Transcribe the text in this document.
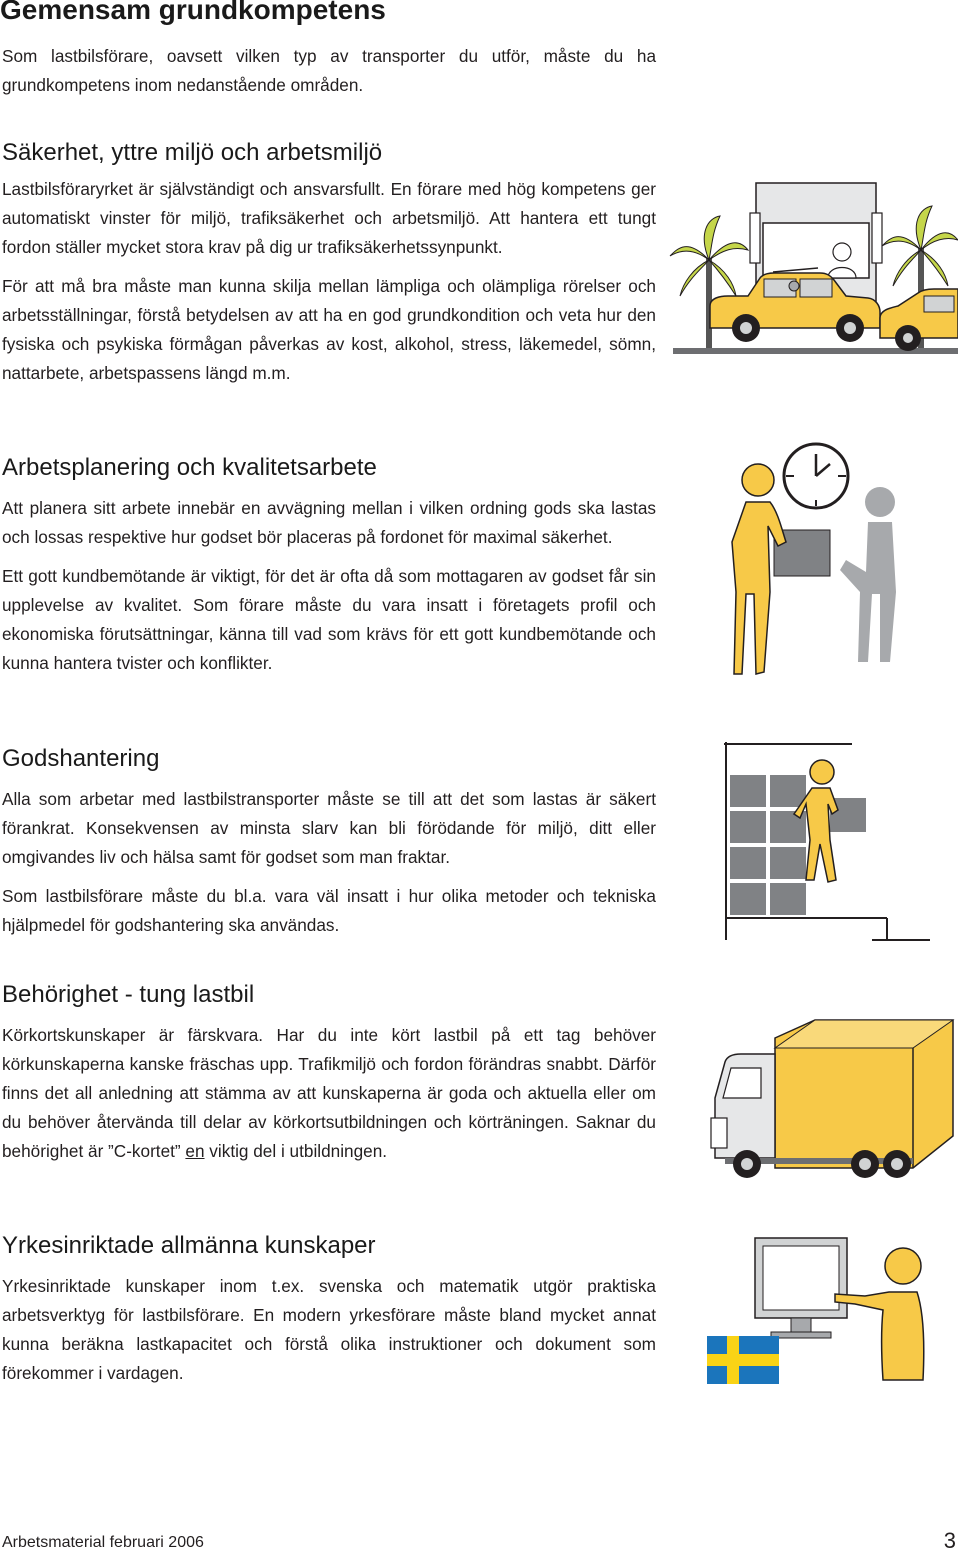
Gemensam grundkompetens

Som lastbilsförare, oavsett vilken typ av transporter du utför, måste du ha grundkompetens inom nedanstående områden.

Säkerhet, yttre miljö och arbetsmiljö

Lastbilsföraryrket är självständigt och ansvarsfullt. En förare med hög kompetens ger automatiskt vinster för miljö, trafiksäkerhet och arbetsmiljö. Att hantera ett tungt fordon ställer mycket stora krav på dig ur trafiksäkerhetssynpunkt.

För att må bra måste man kunna skilja mellan lämpliga och olämpliga rörelser och arbetsställningar, förstå betydelsen av att ha en god grundkondition och veta hur den fysiska och psykiska förmågan påverkas av kost, alkohol, stress, läkemedel, sömn, nattarbete, arbetspassens längd m.m.

Arbetsplanering och kvalitetsarbete

Att planera sitt arbete innebär en avvägning mellan i vilken ordning gods ska lastas och lossas respektive hur godset bör placeras på fordonet för maximal säkerhet.

Ett gott kundbemötande är viktigt, för det är ofta då som mottagaren av godset får sin upplevelse av kvalitet. Som förare måste du vara insatt i företagets profil och ekonomiska förutsättningar, känna till vad som krävs för ett gott kundbemötande och kunna hantera tvister och konflikter.

Godshantering

Alla som arbetar med lastbilstransporter måste se till att det som lastas är säkert förankrat. Konsekvensen av minsta slarv kan bli förödande för miljö, ditt eller omgivandes liv och hälsa samt för godset som man fraktar.

Som lastbilsförare måste du bl.a. vara väl insatt i hur olika metoder och tekniska hjälpmedel för godshantering ska användas.

Behörighet - tung lastbil

Körkortskunskaper är färskvara. Har du inte kört lastbil på ett tag behöver körkunskaperna kanske fräschas upp. Trafikmiljö och fordon förändras snabbt. Därför finns det all anledning att stämma av att kunskaperna är goda och aktuella eller om du behöver återvända till delar av körkortsutbildningen och körträningen. Saknar du behörighet är ”C-kortet” en viktig del i utbildningen.

Yrkesinriktade allmänna kunskaper

Yrkesinriktade kunskaper inom t.ex. svenska och matematik utgör praktiska arbetsverktyg för lastbilsförare. En modern yrkesförare måste bland mycket annat kunna beräkna lastkapacitet och förstå olika instruktioner och dokument som förekommer i vardagen.

Arbetsmaterial februari 2006	3
